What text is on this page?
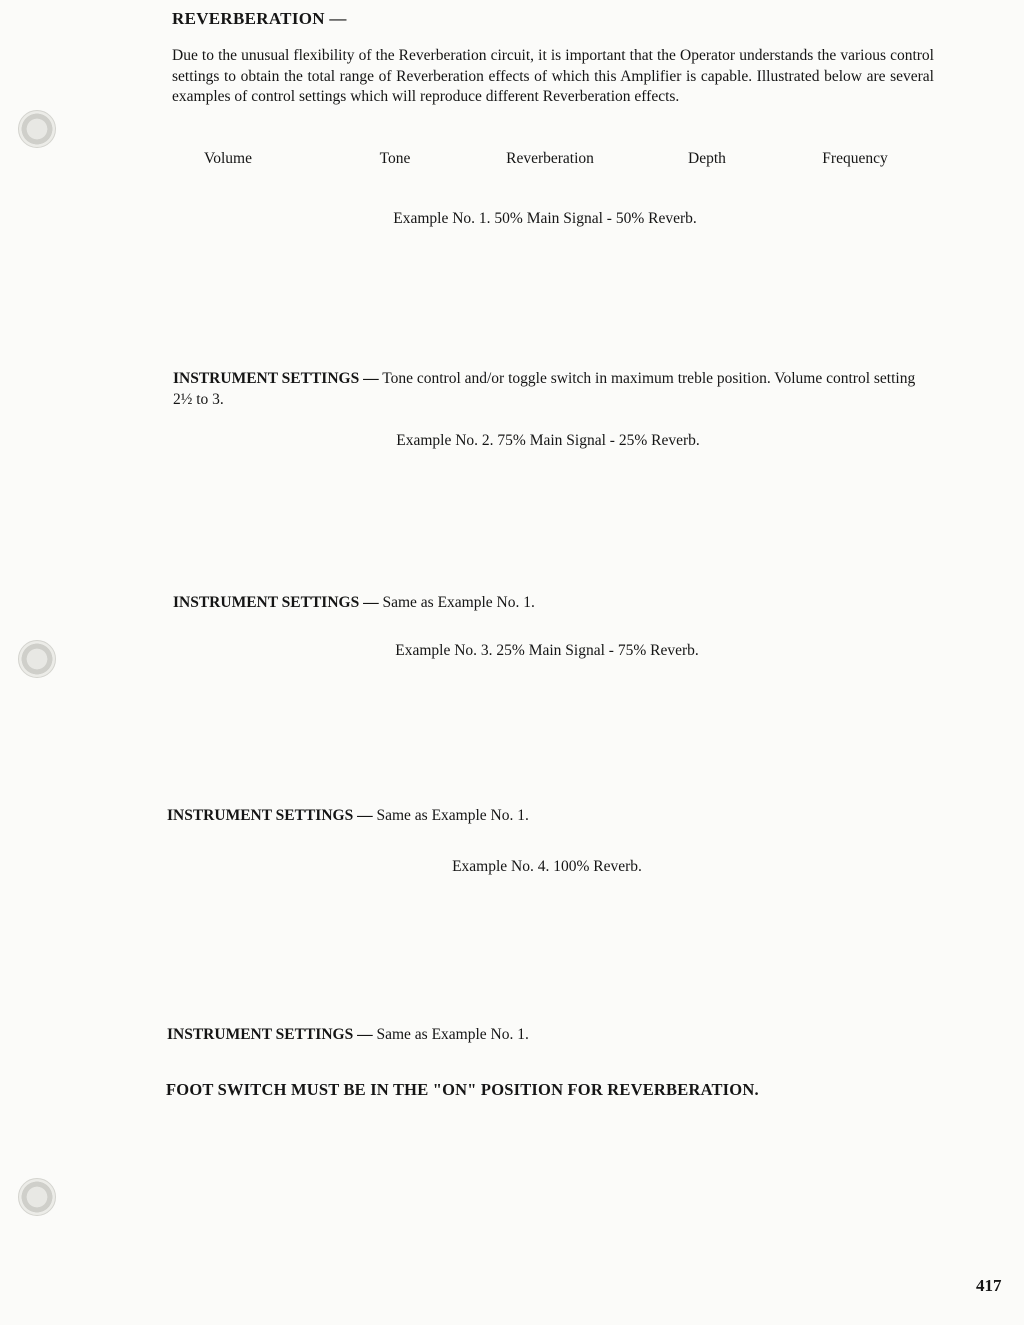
REVERBERATION —
Due to the unusual flexibility of the Reverberation circuit, it is important that the Operator understands the various control settings to obtain the total range of Reverberation effects of which this Amplifier is capable. Illustrated below are several examples of control settings which will reproduce different Reverberation effects.
Volume	Tone	Reverberation	Depth	Frequency
Example No. 1. 50% Main Signal - 50% Reverb.
INSTRUMENT SETTINGS — Tone control and/or toggle switch in maximum treble position. Volume control setting 2½ to 3.
Example No. 2. 75% Main Signal - 25% Reverb.
INSTRUMENT SETTINGS — Same as Example No. 1.
Example No. 3. 25% Main Signal - 75% Reverb.
INSTRUMENT SETTINGS — Same as Example No. 1.
Example No. 4. 100% Reverb.
INSTRUMENT SETTINGS — Same as Example No. 1.
FOOT SWITCH MUST BE IN THE "ON" POSITION FOR REVERBERATION.
417
